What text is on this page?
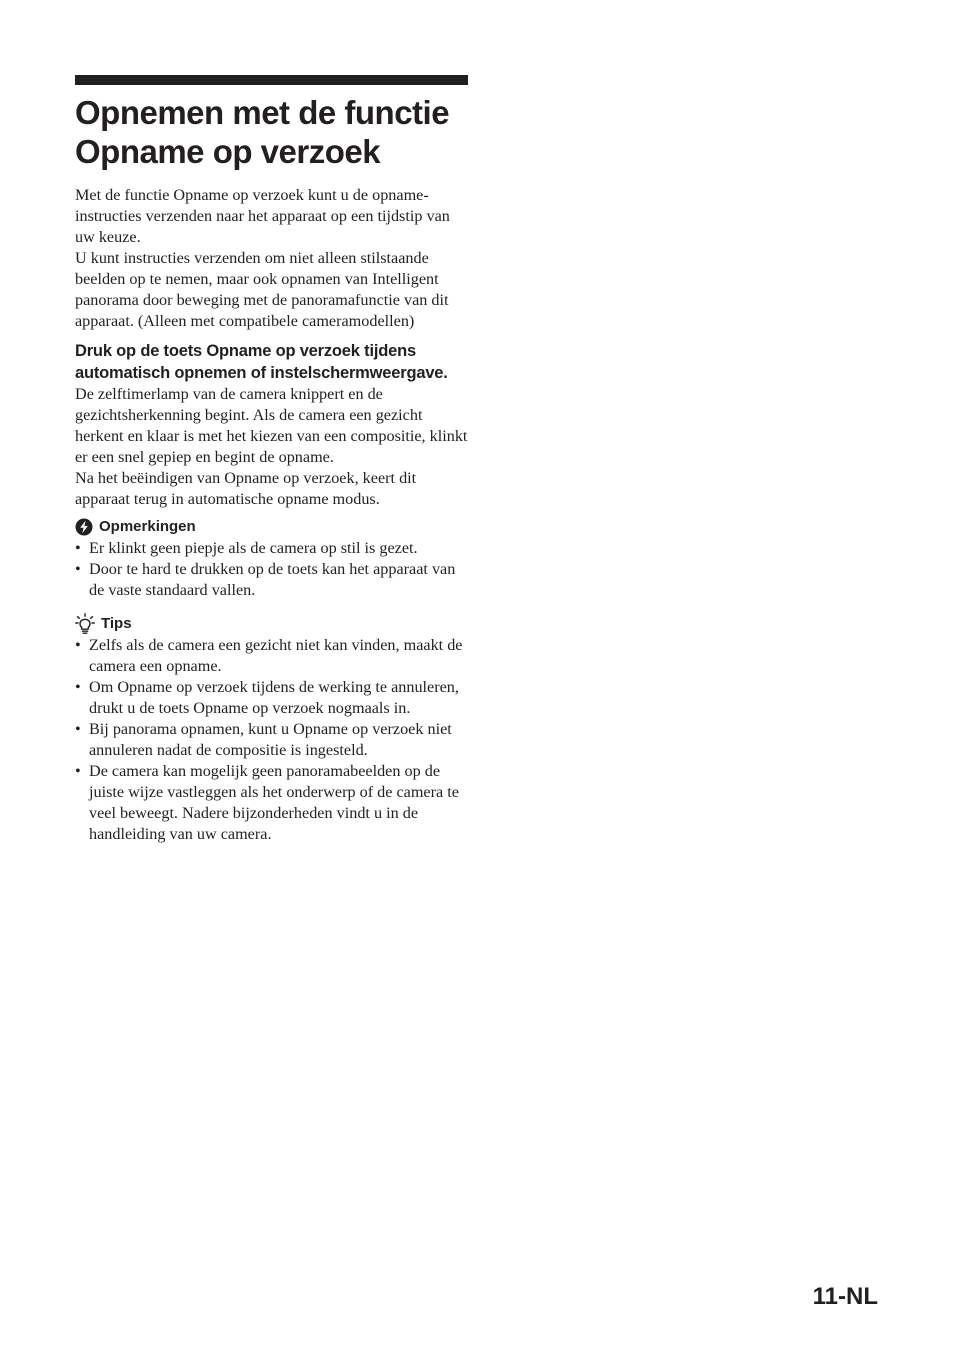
Opnemen met de functie Opname op verzoek

Met de functie Opname op verzoek kunt u de opname-instructies verzenden naar het apparaat op een tijdstip van uw keuze.

U kunt instructies verzenden om niet alleen stilstaande beelden op te nemen, maar ook opnamen van Intelligent panorama door beweging met de panoramafunctie van dit apparaat. (Alleen met compatibele cameramodellen)

Druk op de toets Opname op verzoek tijdens automatisch opnemen of instelschermweergave.

De zelftimerlamp van de camera knippert en de gezichtsherkenning begint. Als de camera een gezicht herkent en klaar is met het kiezen van een compositie, klinkt er een snel gepiep en begint de opname.

Na het beëindigen van Opname op verzoek, keert dit apparaat terug in automatische opname modus.

Opmerkingen
• Er klinkt geen piepje als de camera op stil is gezet.
• Door te hard te drukken op de toets kan het apparaat van de vaste standaard vallen.
Tips
• Zelfs als de camera een gezicht niet kan vinden, maakt de camera een opname.
• Om Opname op verzoek tijdens de werking te annuleren, drukt u de toets Opname op verzoek nogmaals in.
• Bij panorama opnamen, kunt u Opname op verzoek niet annuleren nadat de compositie is ingesteld.
• De camera kan mogelijk geen panoramabeelden op de juiste wijze vastleggen als het onderwerp of de camera te veel beweegt. Nadere bijzonderheden vindt u in de handleiding van uw camera.
11-NL
